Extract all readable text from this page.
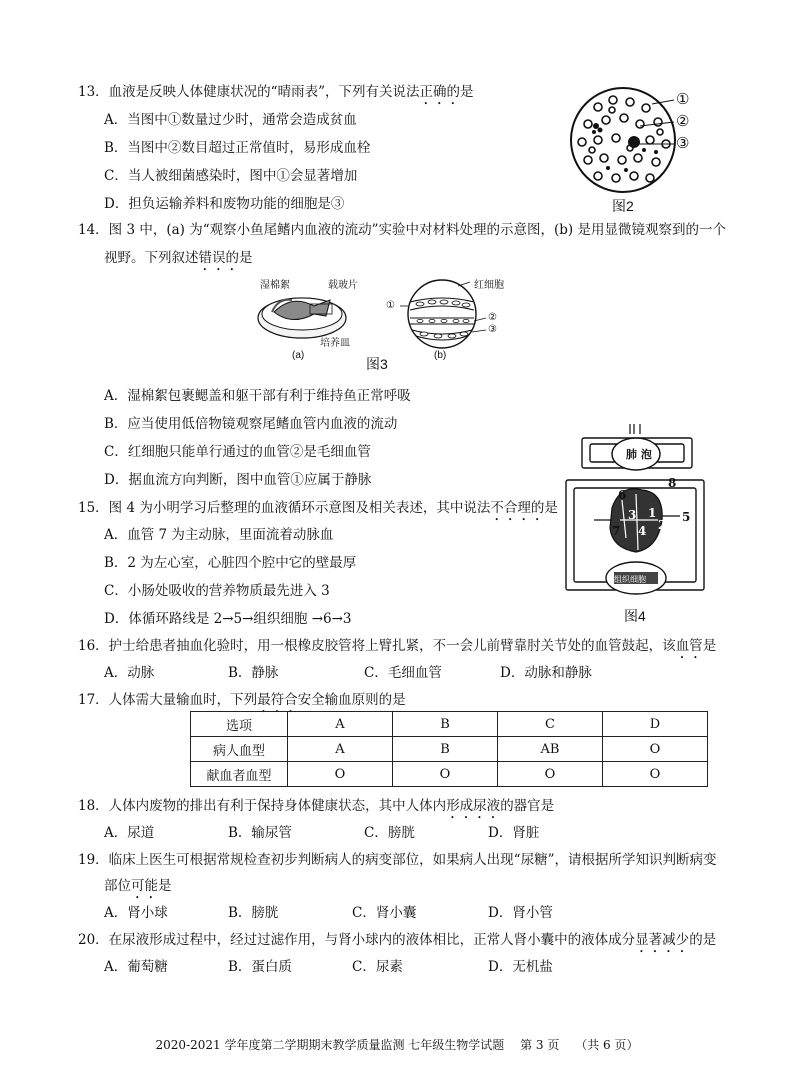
13．血液是反映人体健康状况的“晴雨表”，下列有关说法正确的是
A．当图中①数量过少时，通常会造成贫血
B．当图中②数目超过正常值时，易形成血栓
C．当人被细菌感染时，图中①会显著增加
D．担负运输养料和废物功能的细胞是③
①
②
③
图2
14．图 3 中，(a) 为“观察小鱼尾鳍内血液的流动”实验中对材料处理的示意图，(b) 是用显微镜观察到的一个
视野。下列叙述错误的是
湿棉絮	载玻片
培养皿
(a)
红细胞
①
②
③
(b)
图3
A．湿棉絮包裹鳃盖和躯干部有利于维持鱼正常呼吸
B．应当使用低倍物镜观察尾鳍血管内血液的流动
C．红细胞只能单行通过的血管②是毛细血管
D．据血流方向判断，图中血管①应属于静脉
肺 泡
组织细胞
1
2
3
4
5
6
7
8
图4
15．图 4 为小明学习后整理的血液循环示意图及相关表述，其中说法不合理的是
A．血管 7 为主动脉，里面流着动脉血
B．2 为左心室，心脏四个腔中它的壁最厚
C．小肠处吸收的营养物质最先进入 3
D．体循环路线是 2→5→组织细胞 →6→3
16．护士给患者抽血化验时，用一根橡皮胶管将上臂扎紧，不一会儿前臂靠肘关节处的血管鼓起，该血管是
A．动脉	B．静脉	C．毛细血管	D．动脉和静脉
17．人体需大量输血时，下列最符合安全输血原则的是
选项	A	B	C	D
病人血型	A	B	AB	O
献血者血型	O	O	O	O
18．人体内废物的排出有利于保持身体健康状态，其中人体内形成尿液的器官是
A．尿道	B．输尿管	C．膀胱	D．肾脏
19．临床上医生可根据常规检查初步判断病人的病变部位，如果病人出现“尿糖”，请根据所学知识判断病变
部位可能是
A．肾小球	B．膀胱	C．肾小囊	D．肾小管
20．在尿液形成过程中，经过过滤作用，与肾小球内的液体相比，正常人肾小囊中的液体成分显著减少的是
A．葡萄糖	B．蛋白质	C．尿素	D．无机盐
2020-2021 学年度第二学期期末教学质量监测 七年级生物学试题　 第 3 页　 （共 6 页）
